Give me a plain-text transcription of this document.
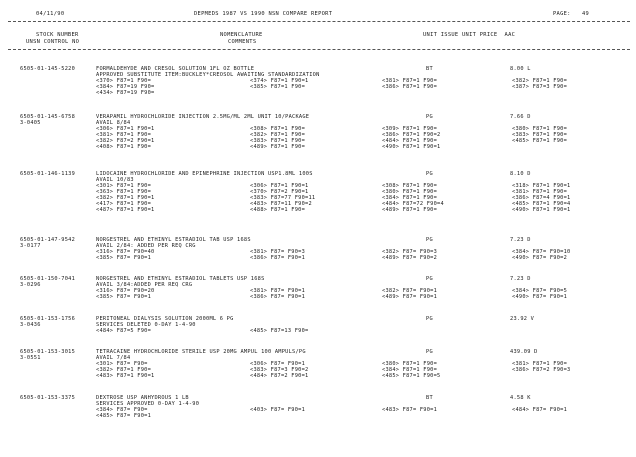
04/11/90	DEPMEDS 1987 VS 1990 NSN COMPARE REPORT	PAGE: 49
STOCK NUMBER
UNSN CONTROL NO
NOMENCLATURE
COMMENTS
UNIT ISSUE UNIT PRICE  AAC
6505-01-145-5220	FORMALDEHYDE AND CRESOL SOLUTION 1FL OZ BOTTLE
APPROVED SUBSTITUTE ITEM:BUCKLEY*CREOSOL AWAITING STANDARDIZATION
BT	8.00 L
<370> F87=1 F90=	<374> F87=1 F90=1	<381> F87=1 F90=	<382> F87=1 F90=
<384> F87=19 F90=	<385> F87=1 F90=	<386> F87=1 F90=	<387> F87=3 F90=
<434> F87=19 F90=
6505-01-145-6758
3-0405
VERAPAMIL HYDROCHLORIDE INJECTION 2.5MG/ML 2ML UNIT 10/PACKAGE
AVAIL 8/84
PG	7.66 D
<306> F87=1 F90=1	<308> F87=1 F90=	<309> F87=1 F90=	<380> F87=1 F90=
<381> F87=1 F90=	<382> F87=1 F90=	<386> F87=1 F90=2	<383> F87=1 F90=
<382> F87=2 F90=1	<383> F87=1 F90=	<484> F87=1 F90=	<485> F87=1 F90=
<408> F87=1 F90=	<489> F87=1 F90=	<490> F87=1 F90=1
6505-01-146-1139	LIDOCAINE HYDROCHLORIDE AND EPINEPHRINE INJECTION USP1.8ML 100S
AVAIL 10/83
PG	8.10 D
<301> F87=1 F90=	<306> F87=1 F90=1	<308> F87=1 F90=	<318> F87=1 F90=1
<363> F87=1 F90=	<370> F87=2 F90=1	<380> F87=1 F90=	<381> F87=1 F90=
<382> F87=1 F90=1	<383> F87=77 F90=11	<384> F87=1 F90=	<386> F87=4 F90=1
<417> F87=1 F90=	<483> F87=11 F90=2	<484> F87=72 F90=4	<485> F87=1 F90=4
<487> F87=1 F90=1	<488> F87=1 F90=	<489> F87=1 F90=	<490> F87=1 F90=1
6505-01-147-9542
3-0177
NORGESTREL AND ETHINYL ESTRADIOL TAB USP 168S
AVAIL 2/84: ADDED PER REQ CRG
PG	7.23 D
<316> F87= F90=40	<381> F87= F90=3	<382> F87= F90=3	<384> F87= F90=10
<385> F87= F90=1	<386> F87= F90=1	<489> F87= F90=2	<490> F87= F90=2
6505-01-150-7041
3-0296
NORGESTREL AND ETHINYL ESTRADIOL TABLETS USP 168S
AVAIL 3/84:ADDED PER REQ CRG
PG	7.23 D
<316> F87= F90=20	<381> F87= F90=1	<382> F87= F90=1	<384> F87= F90=5
<385> F87= F90=1	<386> F87= F90=1	<489> F87= F90=1	<490> F87= F90=1
6505-01-153-1756
3-0436
PERITONEAL DIALYSIS SOLUTION 2000ML 6 PG
SERVICES DELETED 0-DAY 1-4-90
PG	23.92 V
<484> F87=5 F90=	<485> F87=13 F90=
6505-01-153-3015
3-0551
TETRACAINE HYDROCHLORIDE STERILE USP 20MG AMPUL 100 AMPULS/PG
AVAIL 7/84
PG	439.09 D
<301> F87= F90=	<306> F87= F90=1	<380> F87=1 F90=	<381> F87=1 F90=
<382> F87=1 F90=	<383> F87=3 F90=2	<384> F87=1 F90=	<386> F87=2 F90=3
<483> F87=1 F90=1	<484> F87=2 F90=1	<485> F87=1 F90=5
6505-01-153-3375	DEXTROSE USP ANHYDROUS 1 LB
SERVICES APPROVED 0-DAY 1-4-90
BT	4.58 K
<384> F87= F90=	<403> F87= F90=1	<483> F87= F90=1	<484> F87= F90=1
<485> F87= F90=1
